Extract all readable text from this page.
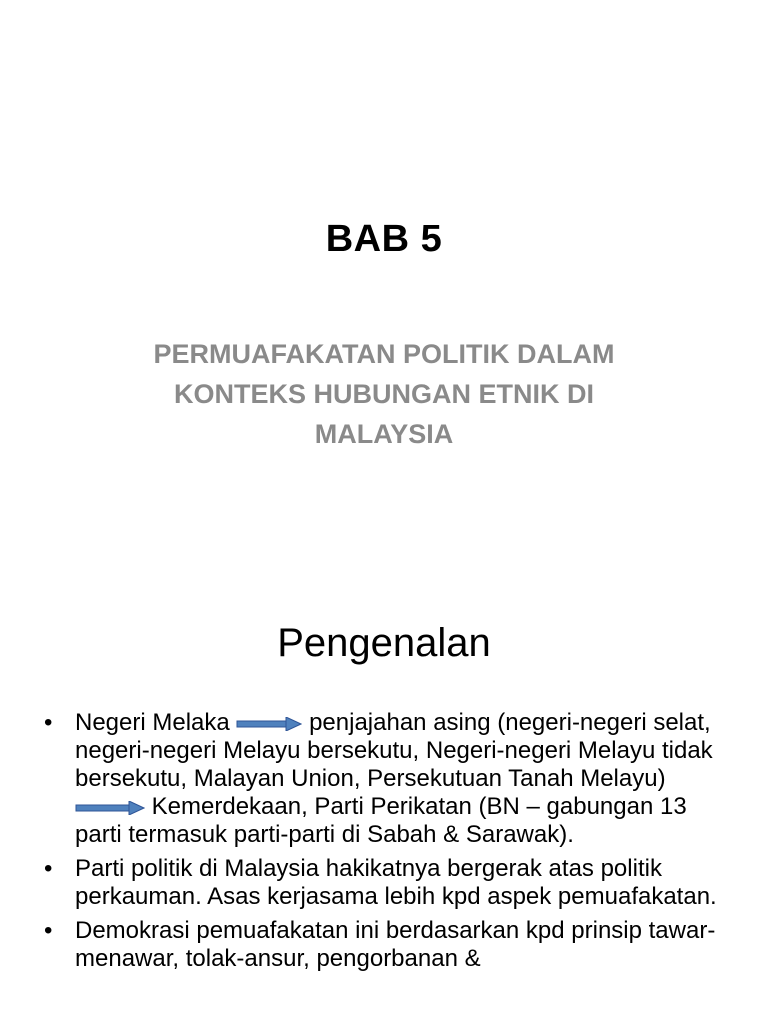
BAB 5
PERMUAFAKATAN POLITIK DALAM
KONTEKS HUBUNGAN ETNIK DI
MALAYSIA
Pengenalan
• Negeri Melaka	penjajahan asing (negeri-negeri selat, negeri-negeri Melayu bersekutu, Negeri-negeri Melayu tidak bersekutu, Malayan Union, Persekutuan Tanah Melayu)
Kemerdekaan, Parti Perikatan (BN – gabungan 13 parti termasuk parti-parti di Sabah & Sarawak).
• Parti politik di Malaysia hakikatnya bergerak atas politik perkauman. Asas kerjasama lebih kpd aspek pemuafakatan.
• Demokrasi pemuafakatan ini berdasarkan kpd prinsip tawar-menawar, tolak-ansur, pengorbanan &
